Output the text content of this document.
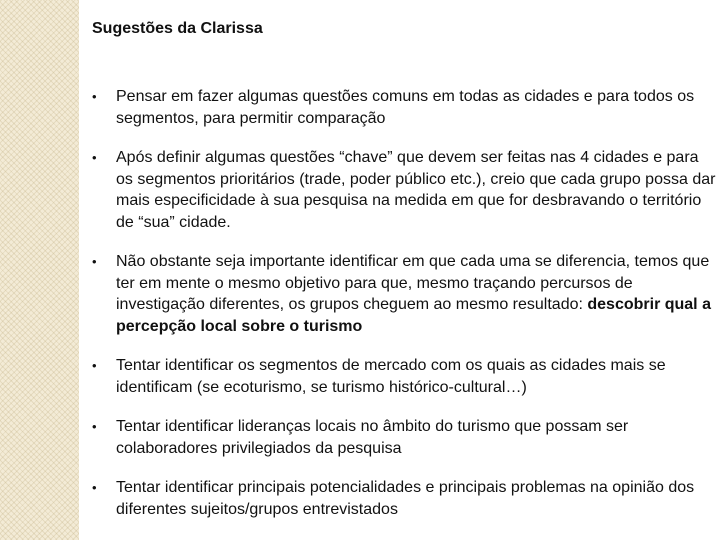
Sugestões da Clarissa
• Pensar em fazer algumas questões comuns em todas as cidades e para todos os segmentos, para permitir comparação
• Após definir algumas questões “chave” que devem ser feitas nas 4 cidades e para os segmentos prioritários (trade, poder público etc.), creio que cada grupo possa dar mais especificidade à sua pesquisa na medida em que for desbravando o território de “sua” cidade.
• Não obstante seja importante identificar em que cada uma se diferencia, temos que ter em mente o mesmo objetivo para que, mesmo traçando percursos de investigação diferentes, os grupos cheguem ao mesmo resultado: descobrir qual a percepção local sobre o turismo
• Tentar identificar os segmentos de mercado com os quais as cidades mais se identificam (se ecoturismo, se turismo histórico-cultural…)
• Tentar identificar lideranças locais no âmbito do turismo que possam ser colaboradores privilegiados da pesquisa
• Tentar identificar principais potencialidades e principais problemas na opinião dos diferentes sujeitos/grupos entrevistados
